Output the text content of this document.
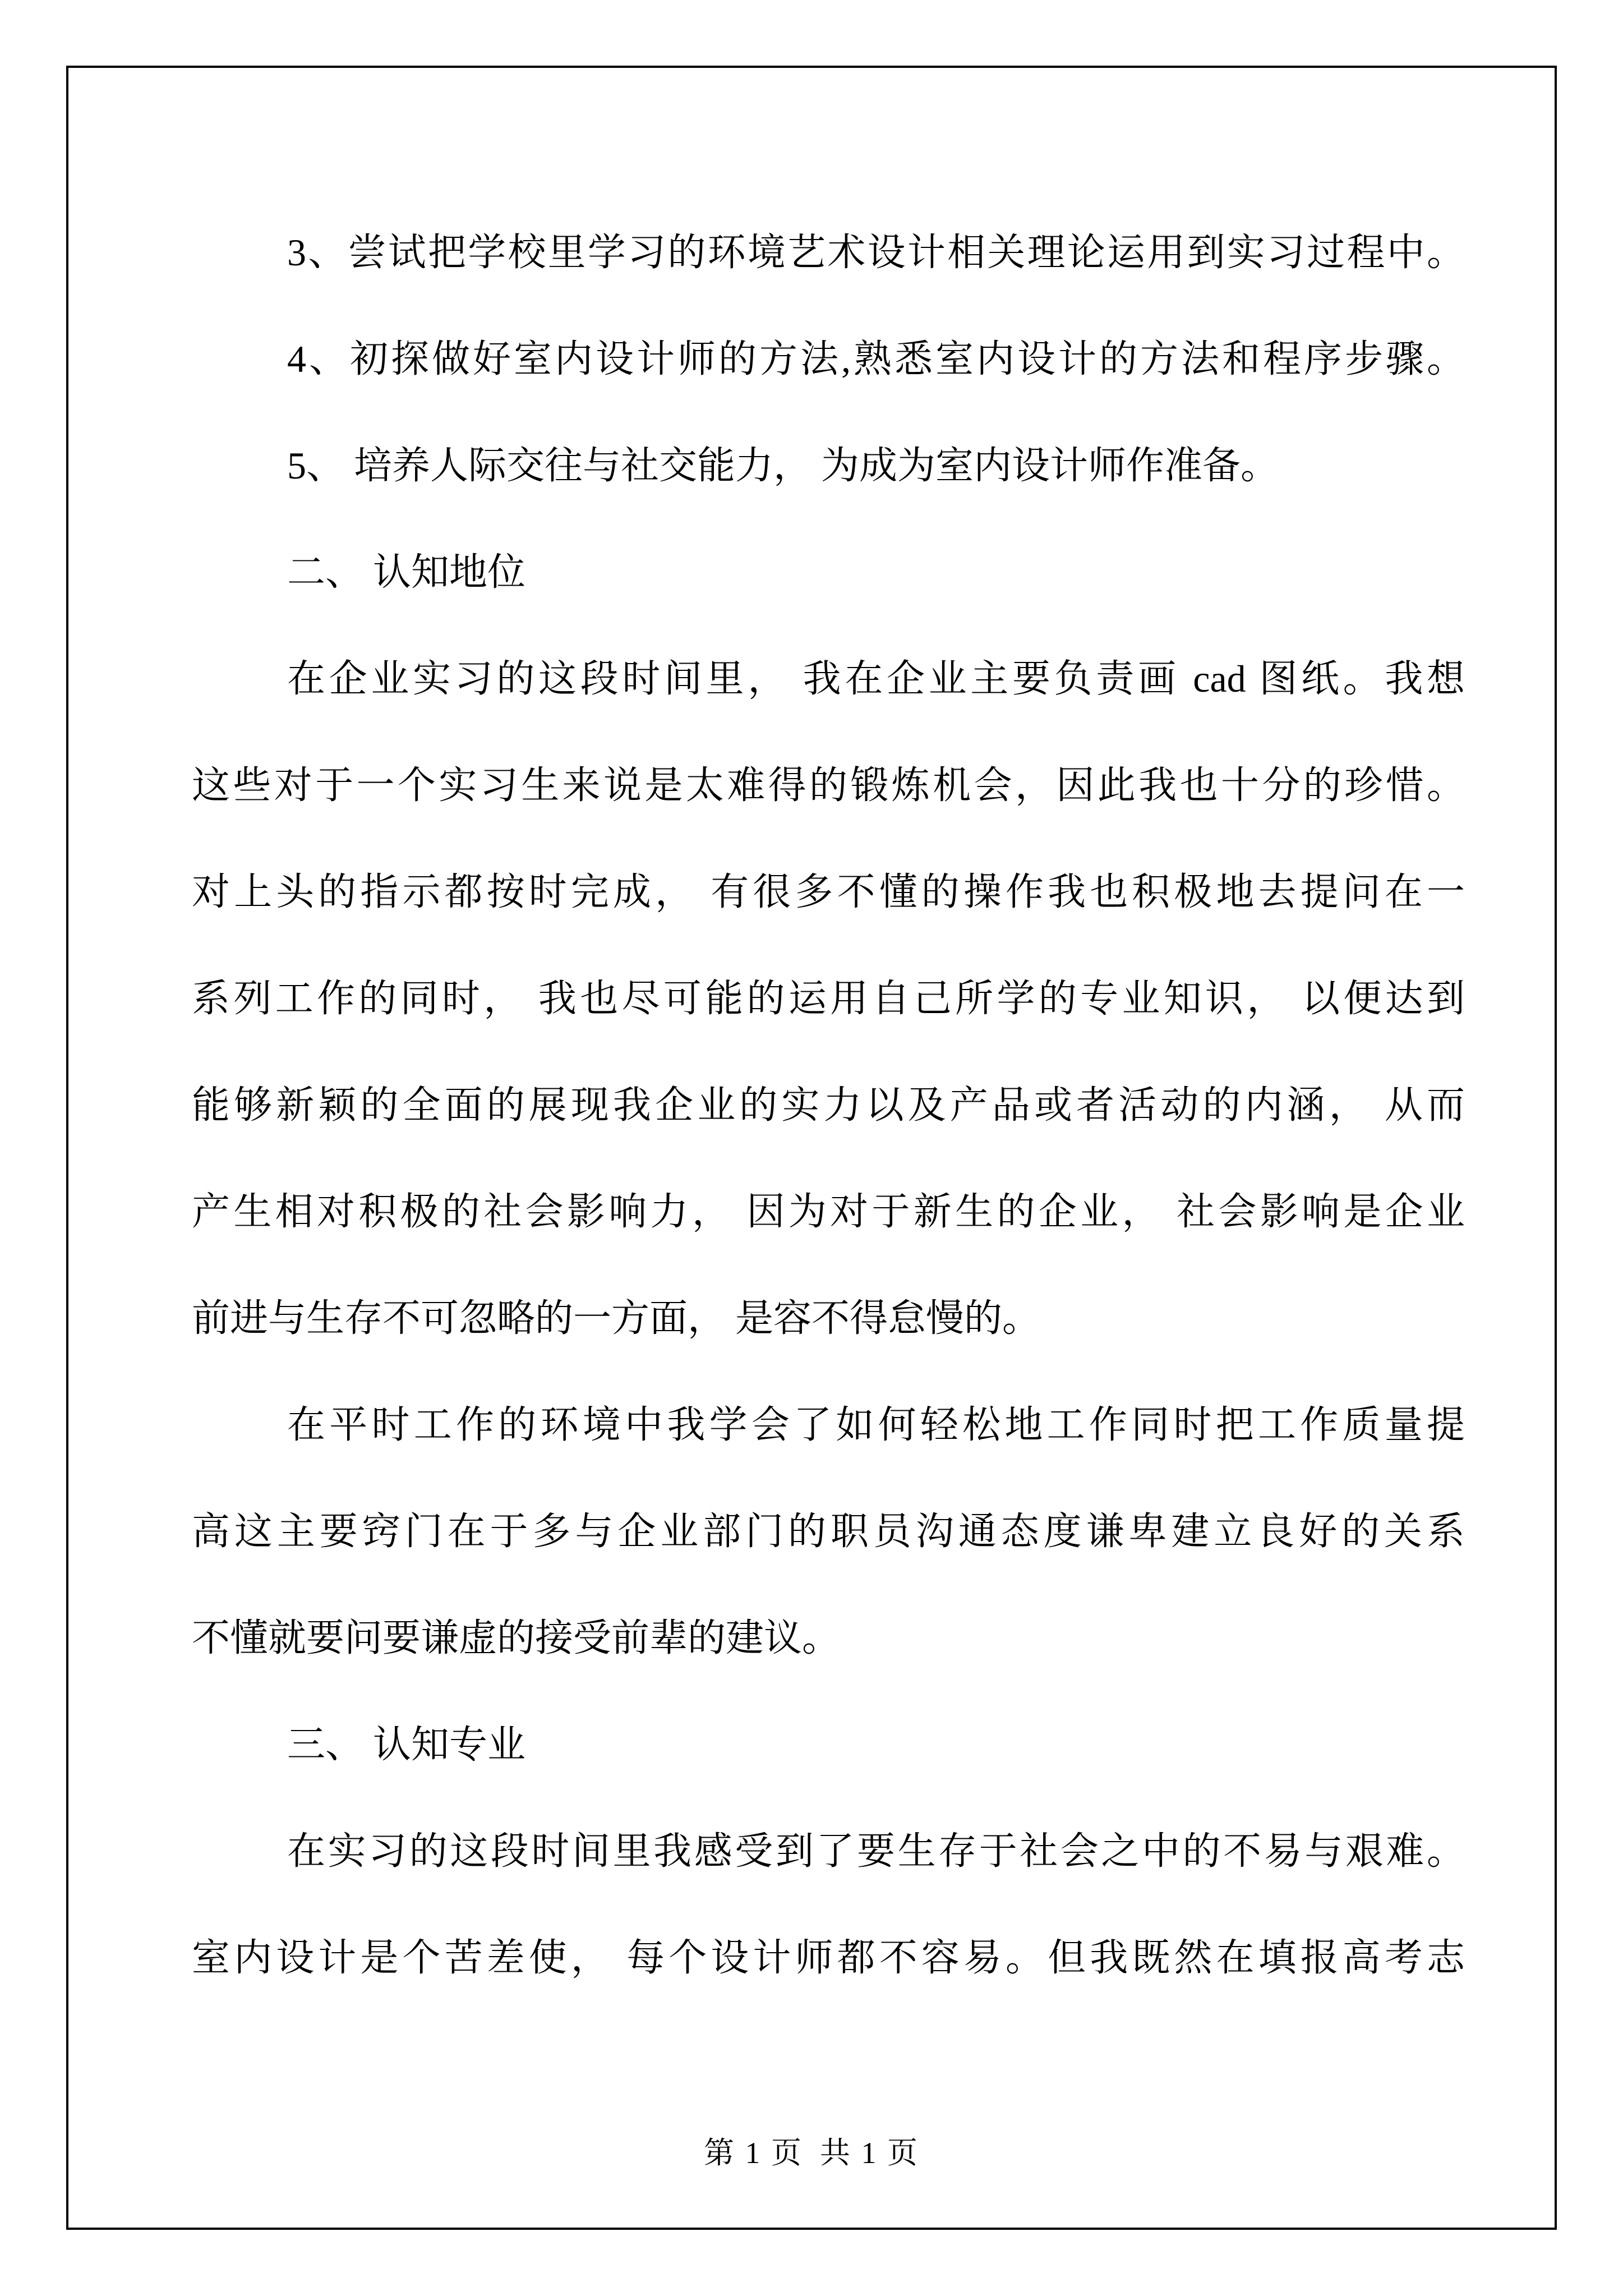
3、尝试把学校里学习的环境艺术设计相关理论运用到实习过程中。
4、初探做好室内设计师的方法,熟悉室内设计的方法和程序步骤。
5、 培养人际交往与社交能力， 为成为室内设计师作准备。
二、 认知地位
在企业实习的这段时间里， 我在企业主要负责画 cad 图纸。我想
这些对于一个实习生来说是太难得的锻炼机会，因此我也十分的珍惜。
对上头的指示都按时完成， 有很多不懂的操作我也积极地去提问在一
系列工作的同时， 我也尽可能的运用自己所学的专业知识， 以便达到
能够新颖的全面的展现我企业的实力以及产品或者活动的内涵， 从而
产生相对积极的社会影响力， 因为对于新生的企业， 社会影响是企业
前进与生存不可忽略的一方面， 是容不得怠慢的。
在平时工作的环境中我学会了如何轻松地工作同时把工作质量提
高这主要窍门在于多与企业部门的职员沟通态度谦卑建立良好的关系
不懂就要问要谦虚的接受前辈的建议。
三、 认知专业
在实习的这段时间里我感受到了要生存于社会之中的不易与艰难。
室内设计是个苦差使， 每个设计师都不容易。但我既然在填报高考志
第 1 页 共 1 页
